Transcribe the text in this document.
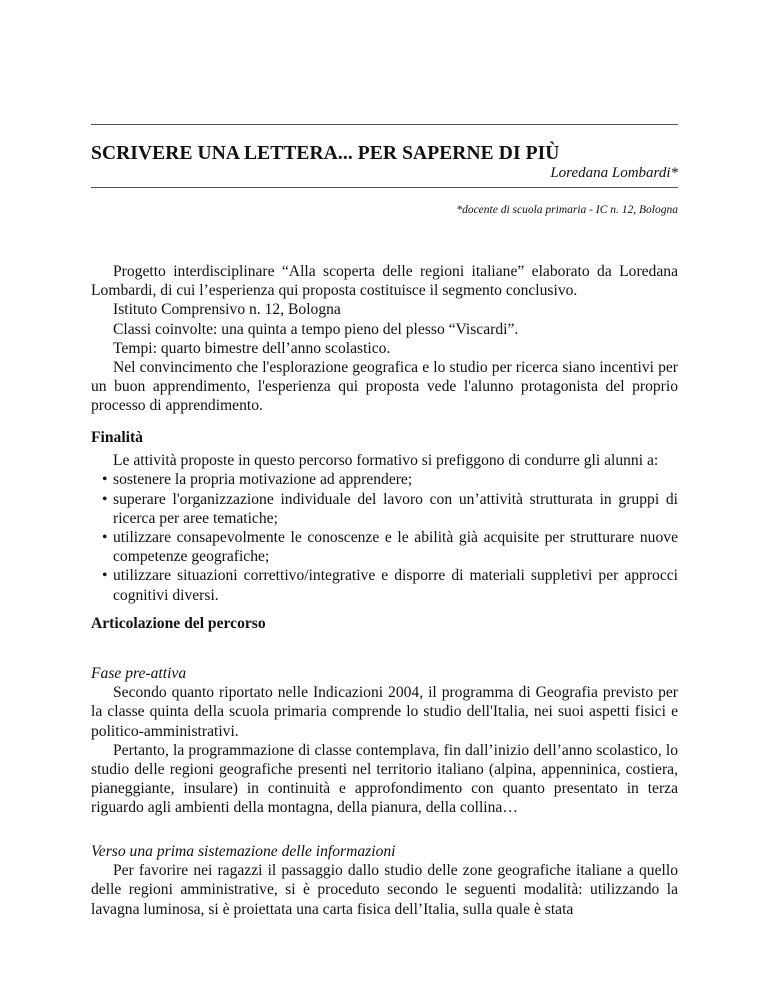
SCRIVERE UNA LETTERA... PER SAPERNE DI PIÙ
Loredana Lombardi*
*docente di scuola primaria - IC n. 12, Bologna

Progetto interdisciplinare “Alla scoperta delle regioni italiane” elaborato da Loredana Lombardi, di cui l’esperienza qui proposta costituisce il segmento conclusivo.

Istituto Comprensivo n. 12, Bologna

Classi coinvolte: una quinta a tempo pieno del plesso “Viscardi”.

Tempi: quarto bimestre dell’anno scolastico.

Nel convincimento che l'esplorazione geografica e lo studio per ricerca siano incentivi per un buon apprendimento, l'esperienza qui proposta vede l'alunno protagonista del proprio processo di apprendimento.

Finalità

Le attività proposte in questo percorso formativo si prefiggono di condurre gli alunni a:

• sostenere la propria motivazione ad apprendere;
• superare l'organizzazione individuale del lavoro con un’attività strutturata in gruppi di ricerca per aree tematiche;
• utilizzare consapevolmente le conoscenze e le abilità già acquisite per strutturare nuove competenze geografiche;
• utilizzare situazioni correttivo/integrative e disporre di materiali suppletivi per approcci cognitivi diversi.
Articolazione del percorso
Fase pre-attiva

Secondo quanto riportato nelle Indicazioni 2004, il programma di Geografia previsto per la classe quinta della scuola primaria comprende lo studio dell'Italia, nei suoi aspetti fisici e politico-amministrativi.

Pertanto, la programmazione di classe contemplava, fin dall’inizio dell’anno scolastico, lo studio delle regioni geografiche presenti nel territorio italiano (alpina, appenninica, costiera, pianeggiante, insulare) in continuità e approfondimento con quanto presentato in terza riguardo agli ambienti della montagna, della pianura, della collina…

Verso una prima sistemazione delle informazioni

Per favorire nei ragazzi il passaggio dallo studio delle zone geografiche italiane a quello delle regioni amministrative, si è proceduto secondo le seguenti modalità: utilizzando la lavagna luminosa, si è proiettata una carta fisica dell’Italia, sulla quale è stata
